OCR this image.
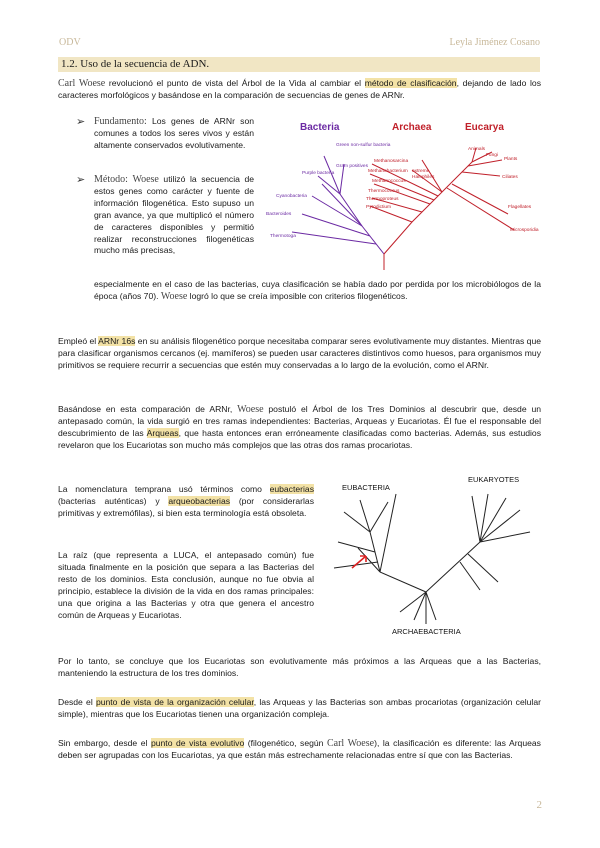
ODV	Leyla Jiménez Cosano
1.2. Uso de la secuencia de ADN.

Carl Woese revolucionó el punto de vista del Árbol de la Vida al cambiar el método de clasificación, dejando de lado los caracteres morfológicos y basándose en la comparación de secuencias de genes de ARNr.

➢ Fundamento: Los genes de ARNr son comunes a todos los seres vivos y están altamente conservados evolutivamente.

➢ Método: Woese utilizó la secuencia de estos genes como carácter y fuente de información filogenética. Esto supuso un gran avance, ya que multiplicó el número de caracteres disponibles y permitió realizar reconstrucciones filogenéticas mucho más precisas,

especialmente en el caso de las bacterias, cuya clasificación se había dado por perdida por los microbiólogos de la época (años 70). Woese logró lo que se creía imposible con criterios filogenéticos.

Bacteria	Archaea	Eucarya
Green non-sulfur bacteria
Gram positives
Purple bacteria
Cyanobacteria
Bacteroides
Thermotoga
Methanosarcina
Methanobacterium
Methanococcus
Thermococcus
Thermoproteus
Pyrodictium
extreme
Halophiles
Animals
Fungi
Plants
Ciliates
Flagellates
Microsporidia

Empleó el ARNr 16s en su análisis filogenético porque necesitaba comparar seres evolutivamente muy distantes. Mientras que para clasificar organismos cercanos (ej. mamíferos) se pueden usar caracteres distintivos como huesos, para organismos muy primitivos se requiere recurrir a secuencias que estén muy conservadas a lo largo de la evolución, como el ARNr.

Basándose en esta comparación de ARNr, Woese postuló el Árbol de los Tres Dominios al descubrir que, desde un antepasado común, la vida surgió en tres ramas independientes: Bacterias, Arqueas y Eucariotas. Él fue el responsable del descubrimiento de las Arqueas, que hasta entonces eran erróneamente clasificadas como bacterias. Además, sus estudios revelaron que los Eucariotas son mucho más complejos que las otras dos ramas procariotas.

La nomenclatura temprana usó términos como eubacterias (bacterias auténticas) y arqueobacterias (por considerarlas primitivas y extremófilas), si bien esta terminología está obsoleta.

La raíz (que representa a LUCA, el antepasado común) fue situada finalmente en la posición que separa a las Bacterias del resto de los dominios. Esta conclusión, aunque no fue obvia al principio, establece la división de la vida en dos ramas principales: una que origina a las Bacterias y otra que genera el ancestro común de Arqueas y Eucariotas.

EUBACTERIA
EUKARYOTES
ARCHAEBACTERIA

Por lo tanto, se concluye que los Eucariotas son evolutivamente más próximos a las Arqueas que a las Bacterias, manteniendo la estructura de los tres dominios.

Desde el punto de vista de la organización celular, las Arqueas y las Bacterias son ambas procariotas (organización celular simple), mientras que los Eucariotas tienen una organización compleja.

Sin embargo, desde el punto de vista evolutivo (filogenético, según Carl Woese), la clasificación es diferente: las Arqueas deben ser agrupadas con los Eucariotas, ya que están más estrechamente relacionadas entre sí que con las Bacterias.

2
